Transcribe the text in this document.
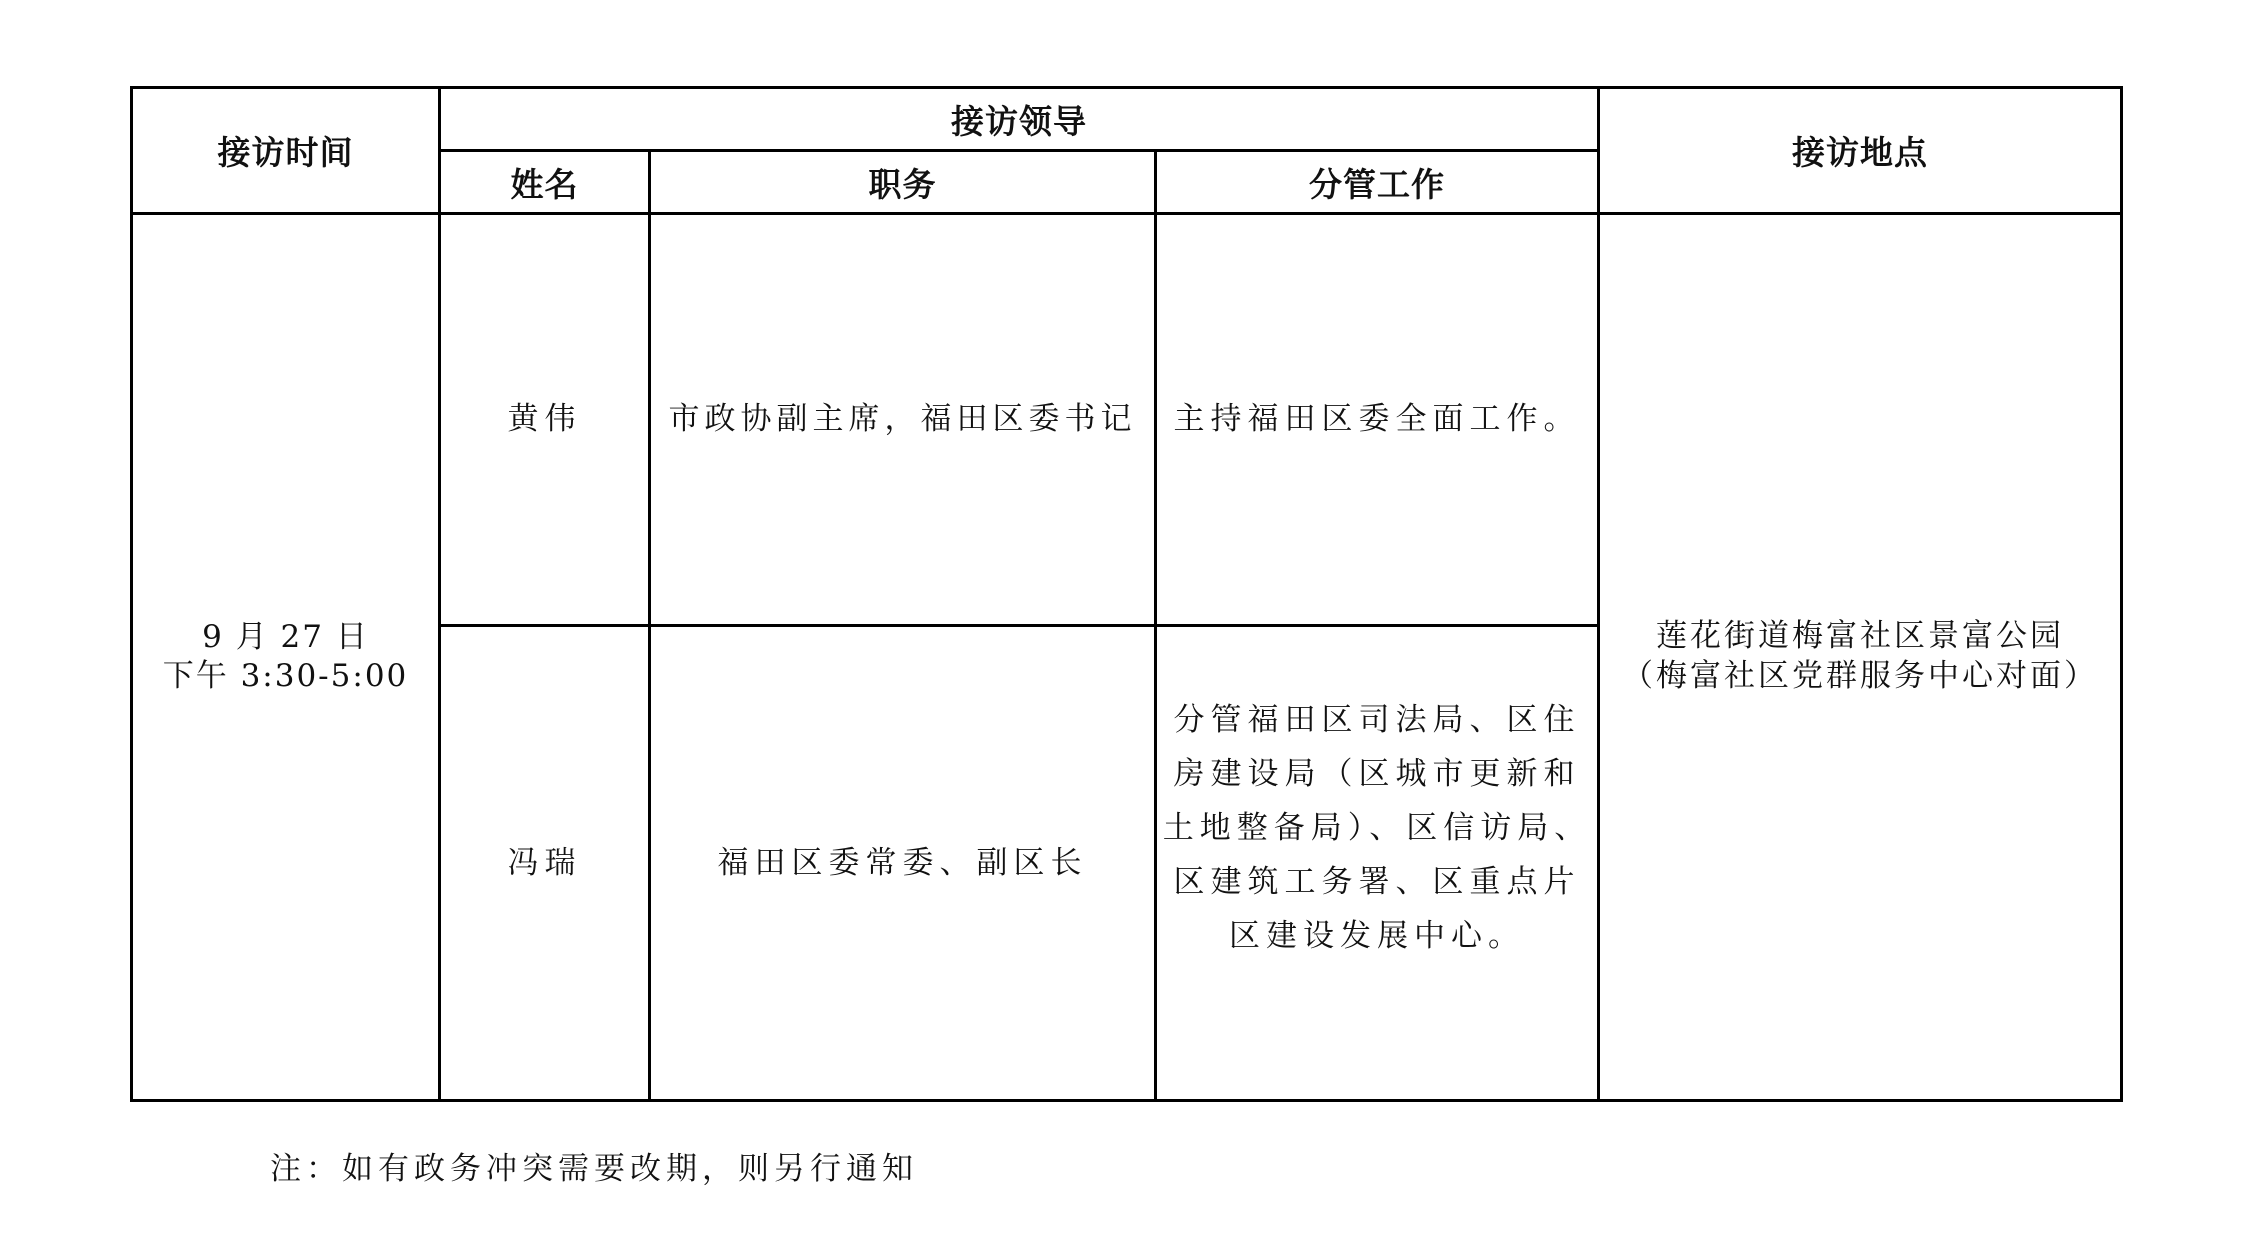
接访时间	接访领导			接访地点
	姓名	职务	分管工作	

9 月 27 日
下午 3:30-5:00	黄伟	市政协副主席，福田区委书记	主持福田区委全面工作。	莲花街道梅富社区景富公园
（梅富社区党群服务中心对面）

	冯瑞	福田区委常委、副区长	分管福田区司法局、区住
房建设局（区城市更新和
土地整备局）、区信访局、
区建筑工务署、区重点片
区建设发展中心。	
注：如有政务冲突需要改期，则另行通知
